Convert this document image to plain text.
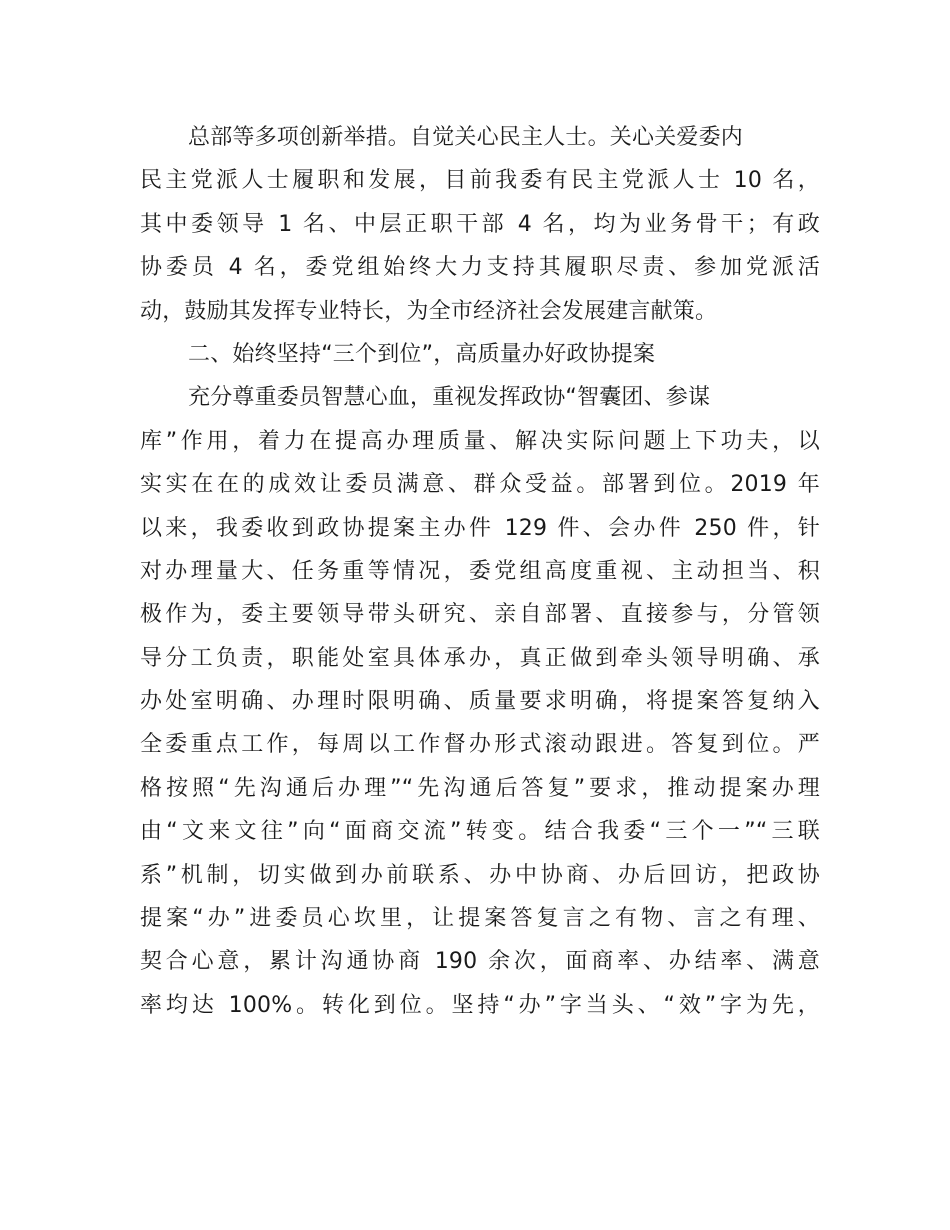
总部等多项创新举措。自觉关心民主人士。关心关爱委内
民主党派人士履职和发展，目前我委有民主党派人士 10 名，
其中委领导 1 名、中层正职干部 4 名，均为业务骨干；有政
协委员 4 名，委党组始终大力支持其履职尽责、参加党派活
动，鼓励其发挥专业特长，为全市经济社会发展建言献策。
二、始终坚持“三个到位”，高质量办好政协提案
充分尊重委员智慧心血，重视发挥政协“智囊团、参谋
库”作用，着力在提高办理质量、解决实际问题上下功夫，以
实实在在的成效让委员满意、群众受益。部署到位。2019 年
以来，我委收到政协提案主办件 129 件、会办件 250 件，针
对办理量大、任务重等情况，委党组高度重视、主动担当、积
极作为，委主要领导带头研究、亲自部署、直接参与，分管领
导分工负责，职能处室具体承办，真正做到牵头领导明确、承
办处室明确、办理时限明确、质量要求明确，将提案答复纳入
全委重点工作，每周以工作督办形式滚动跟进。答复到位。严
格按照“先沟通后办理”“先沟通后答复”要求，推动提案办理
由“文来文往”向“面商交流”转变。结合我委“三个一”“三联
系”机制，切实做到办前联系、办中协商、办后回访，把政协
提案“办”进委员心坎里，让提案答复言之有物、言之有理、
契合心意，累计沟通协商 190 余次，面商率、办结率、满意
率均达 100%。转化到位。坚持“办”字当头、“效”字为先，
